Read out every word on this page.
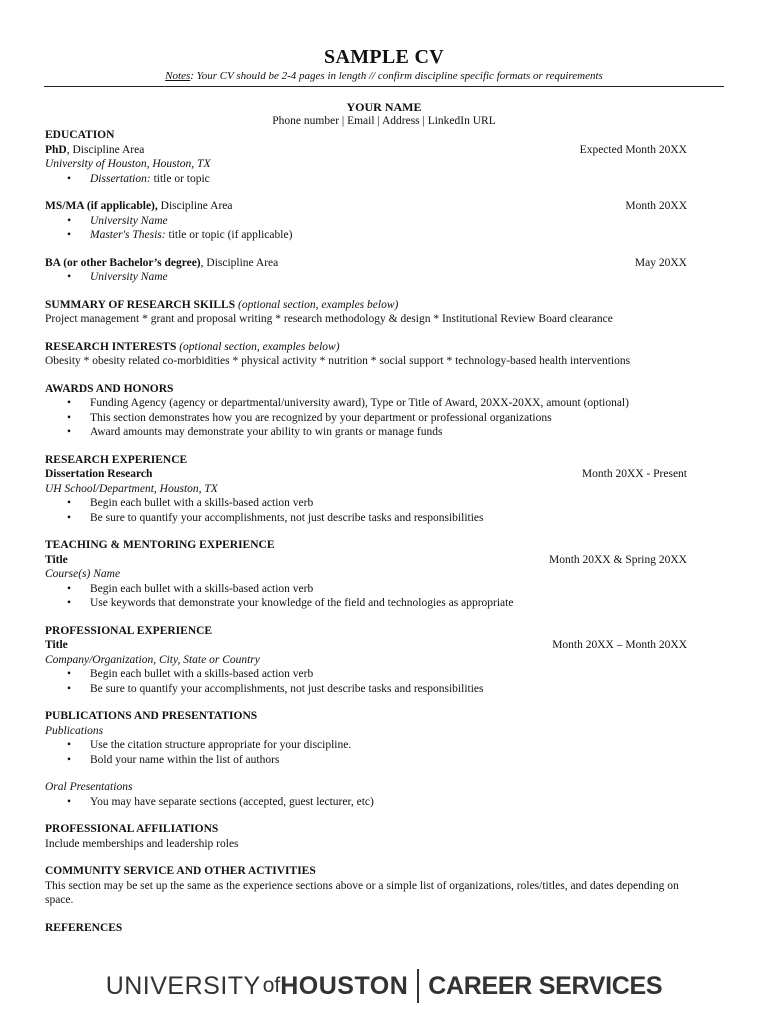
SAMPLE CV
Notes: Your CV should be 2-4 pages in length // confirm discipline specific formats or requirements
YOUR NAME
Phone number | Email | Address | LinkedIn URL
EDUCATION
PhD, Discipline Area	Expected Month 20XX
University of Houston, Houston, TX
• Dissertation: title or topic
MS/MA (if applicable), Discipline Area	Month 20XX
• University Name
• Master's Thesis: title or topic (if applicable)
BA (or other Bachelor’s degree), Discipline Area	May 20XX
• University Name
SUMMARY OF RESEARCH SKILLS (optional section, examples below)
Project management * grant and proposal writing * research methodology & design * Institutional Review Board clearance
RESEARCH INTERESTS (optional section, examples below)
Obesity * obesity related co-morbidities * physical activity * nutrition * social support * technology-based health interventions
AWARDS AND HONORS
• Funding Agency (agency or departmental/university award), Type or Title of Award, 20XX-20XX, amount (optional)
• This section demonstrates how you are recognized by your department or professional organizations
• Award amounts may demonstrate your ability to win grants or manage funds
RESEARCH EXPERIENCE
Dissertation Research	Month 20XX - Present
UH School/Department, Houston, TX
• Begin each bullet with a skills-based action verb
• Be sure to quantify your accomplishments, not just describe tasks and responsibilities
TEACHING & MENTORING EXPERIENCE
Title	Month 20XX & Spring 20XX
Course(s) Name
• Begin each bullet with a skills-based action verb
• Use keywords that demonstrate your knowledge of the field and technologies as appropriate
PROFESSIONAL EXPERIENCE
Title	Month 20XX – Month 20XX
Company/Organization, City, State or Country
• Begin each bullet with a skills-based action verb
• Be sure to quantify your accomplishments, not just describe tasks and responsibilities
PUBLICATIONS AND PRESENTATIONS
Publications
• Use the citation structure appropriate for your discipline.
• Bold your name within the list of authors
Oral Presentations
• You may have separate sections (accepted, guest lecturer, etc)
PROFESSIONAL AFFILIATIONS
Include memberships and leadership roles
COMMUNITY SERVICE AND OTHER ACTIVITIES
This section may be set up the same as the experience sections above or a simple list of organizations, roles/titles, and dates depending on space.
REFERENCES
UNIVERSITY of HOUSTON CAREER SERVICES
